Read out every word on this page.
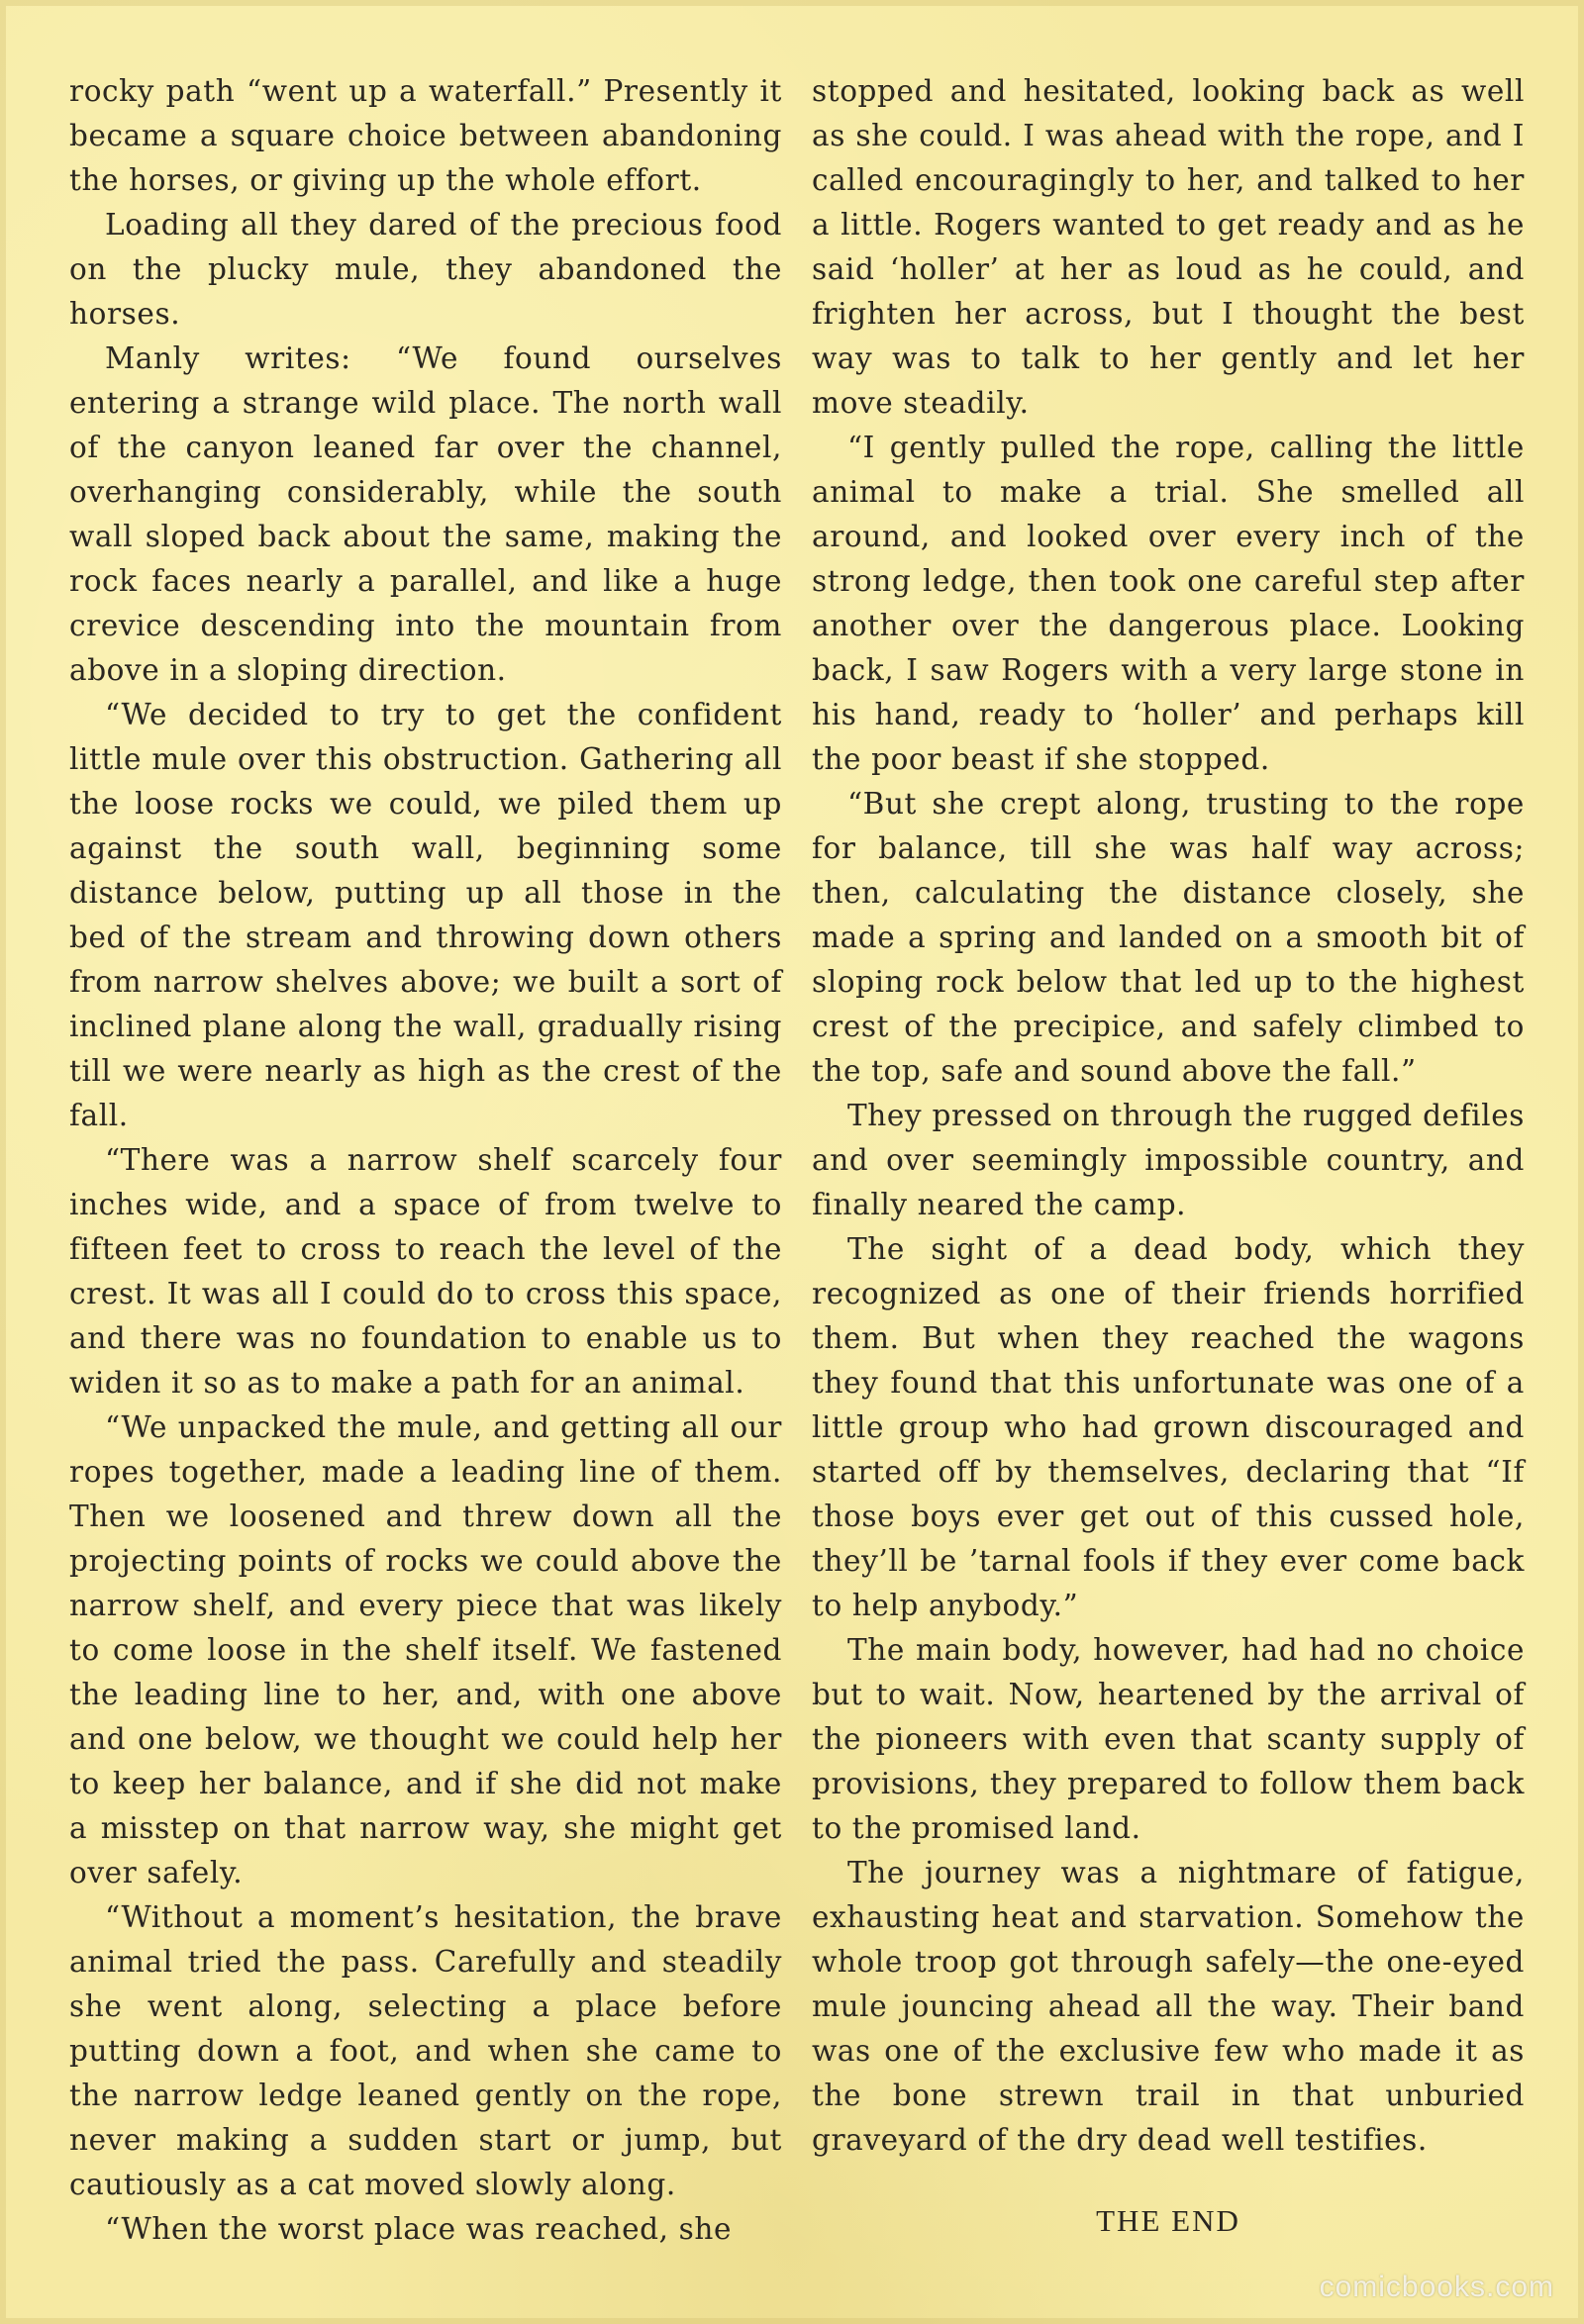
rocky path “went up a waterfall.” Presently it became a square choice between abandoning the horses, or giving up the whole effort.

Loading all they dared of the precious food on the plucky mule, they abandoned the horses.

Manly writes: “We found ourselves entering a strange wild place. The north wall of the canyon leaned far over the channel, overhanging considerably, while the south wall sloped back about the same, making the rock faces nearly a parallel, and like a huge crevice descending into the mountain from above in a sloping direction.

“We decided to try to get the confident little mule over this obstruction. Gathering all the loose rocks we could, we piled them up against the south wall, beginning some distance below, putting up all those in the bed of the stream and throwing down others from narrow shelves above; we built a sort of inclined plane along the wall, gradually rising till we were nearly as high as the crest of the fall.

“There was a narrow shelf scarcely four inches wide, and a space of from twelve to fifteen feet to cross to reach the level of the crest. It was all I could do to cross this space, and there was no foundation to enable us to widen it so as to make a path for an animal.

“We unpacked the mule, and getting all our ropes together, made a leading line of them. Then we loosened and threw down all the projecting points of rocks we could above the narrow shelf, and every piece that was likely to come loose in the shelf itself. We fastened the leading line to her, and, with one above and one below, we thought we could help her to keep her balance, and if she did not make a misstep on that narrow way, she might get over safely.

“Without a moment’s hesitation, the brave animal tried the pass. Carefully and steadily she went along, selecting a place before putting down a foot, and when she came to the narrow ledge leaned gently on the rope, never making a sudden start or jump, but cautiously as a cat moved slowly along.

“When the worst place was reached, she

stopped and hesitated, looking back as well as she could. I was ahead with the rope, and I called encouragingly to her, and talked to her a little. Rogers wanted to get ready and as he said ‘holler’ at her as loud as he could, and frighten her across, but I thought the best way was to talk to her gently and let her move steadily.

“I gently pulled the rope, calling the little animal to make a trial. She smelled all around, and looked over every inch of the strong ledge, then took one careful step after another over the dangerous place. Looking back, I saw Rogers with a very large stone in his hand, ready to ‘holler’ and perhaps kill the poor beast if she stopped.

“But she crept along, trusting to the rope for balance, till she was half way across; then, calculating the distance closely, she made a spring and landed on a smooth bit of sloping rock below that led up to the highest crest of the precipice, and safely climbed to the top, safe and sound above the fall.”

They pressed on through the rugged defiles and over seemingly impossible country, and finally neared the camp.

The sight of a dead body, which they recognized as one of their friends horrified them. But when they reached the wagons they found that this unfortunate was one of a little group who had grown discouraged and started off by themselves, declaring that “If those boys ever get out of this cussed hole, they’ll be ’tarnal fools if they ever come back to help anybody.”

The main body, however, had had no choice but to wait. Now, heartened by the arrival of the pioneers with even that scanty supply of provisions, they prepared to follow them back to the promised land.

The journey was a nightmare of fatigue, exhausting heat and starvation. Somehow the whole troop got through safely—the one-eyed mule jouncing ahead all the way. Their band was one of the exclusive few who made it as the bone strewn trail in that unburied graveyard of the dry dead well testifies.

THE END
comicbooks.com
